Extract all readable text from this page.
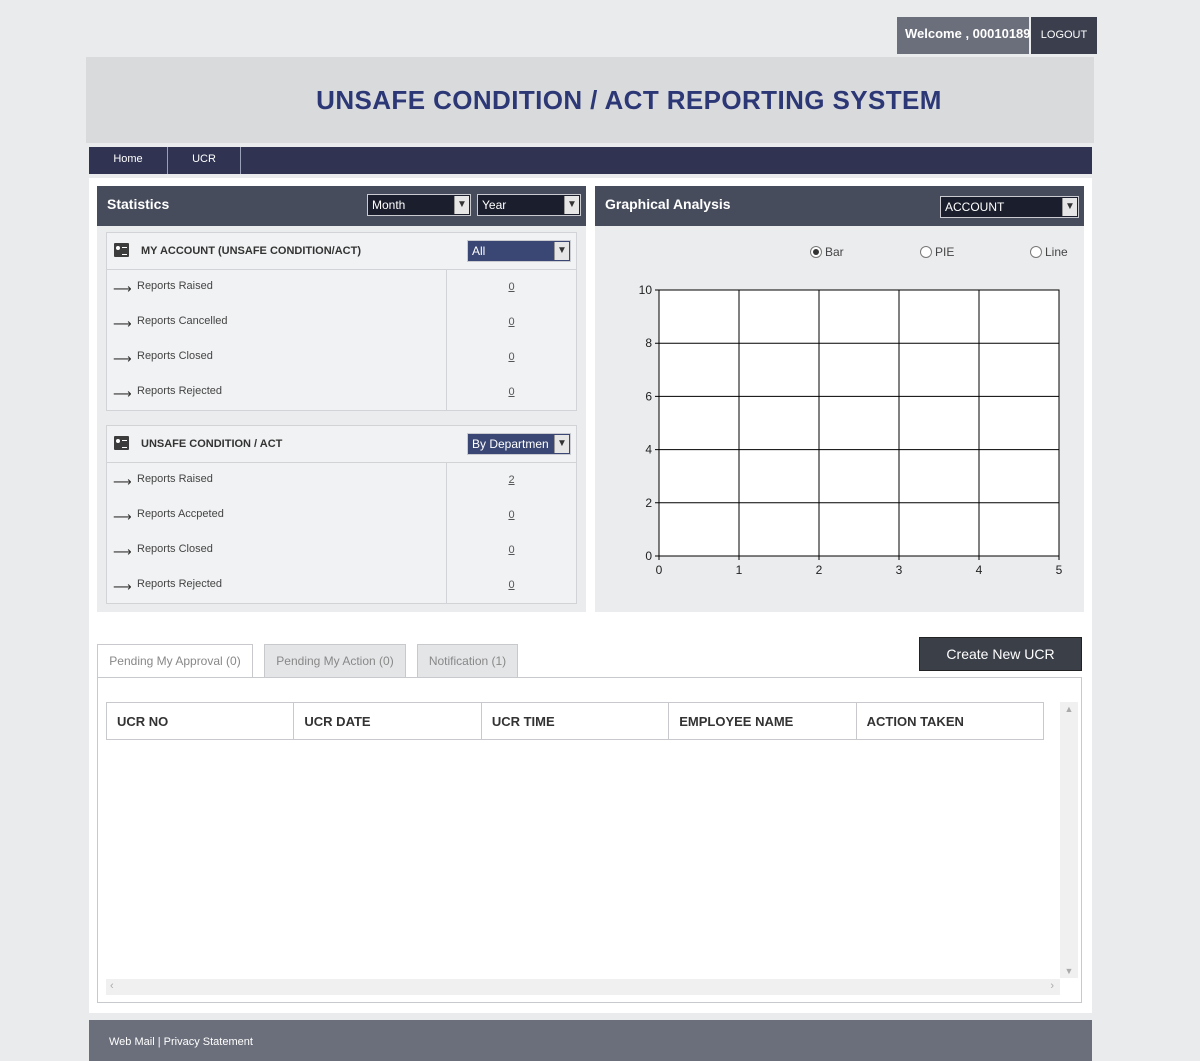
Welcome , 00010189 LOGOUT
UNSAFE CONDITION / ACT REPORTING SYSTEM
Home	UCR
Statistics	Month	▼	Year	▼
MY ACCOUNT (UNSAFE CONDITION/ACT)	All	▼
⟶ Reports Raised	0
⟶ Reports Cancelled	0
⟶ Reports Closed	0
⟶ Reports Rejected	0
UNSAFE CONDITION / ACT	By Departmen ▼
⟶ Reports Raised	2
⟶ Reports Accpeted	0
⟶ Reports Closed	0
⟶ Reports Rejected	0
Graphical Analysis	ACCOUNT	▼
Bar	PIE	Line
0	1	2	3	4	5
0
2
4
6
8
10
Pending My Approval (0)	Pending My Action (0)	Notification (1)	Create New UCR
UCR NO	UCR DATE	UCR TIME	EMPLOYEE NAME	ACTION TAKEN
▲
▼
‹	›
Web Mail | Privacy Statement
